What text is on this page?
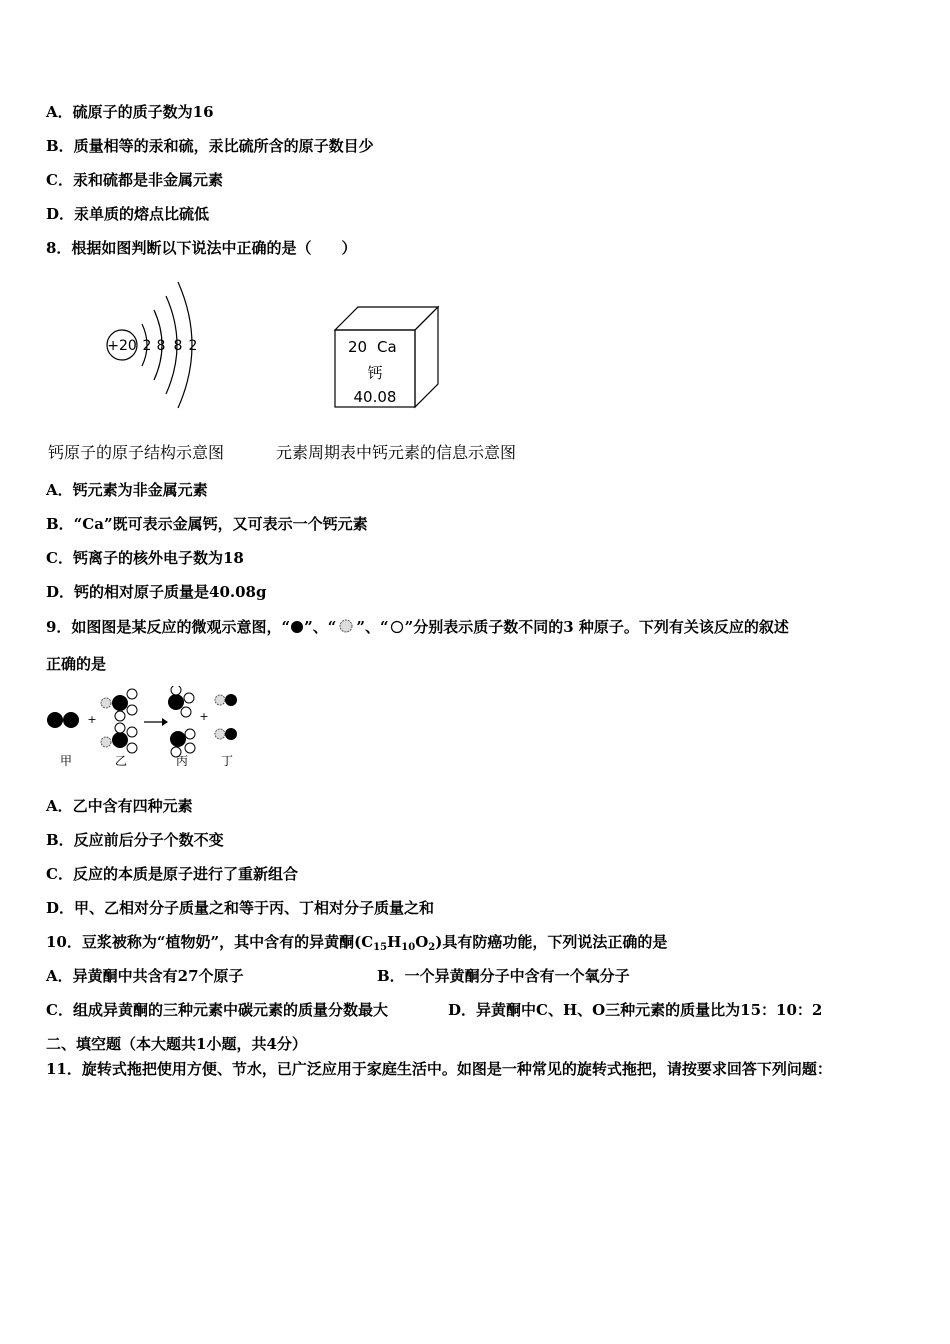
A．硫原子的质子数为16
B．质量相等的汞和硫，汞比硫所含的原子数目少
C．汞和硫都是非金属元素
D．汞单质的熔点比硫低
8．根据如图判断以下说法中正确的是（　　）
+20 2 8 8 2	20 Ca
钙
40.08
钙原子的原子结构示意图	元素周期表中钙元素的信息示意图
A．钙元素为非金属元素
B．“Ca”既可表示金属钙，又可表示一个钙元素
C．钙离子的核外电子数为18
D．钙的相对原子质量是40.08g
9．如图图是某反应的微观示意图，“ ”、“ ”、“ ”分别表示质子数不同的3 种原子。下列有关该反应的叙述
正确的是
+	+
甲	乙	丙	丁
A．乙中含有四种元素
B．反应前后分子个数不变
C．反应的本质是原子进行了重新组合
D．甲、乙相对分子质量之和等于丙、丁相对分子质量之和
10．豆浆被称为“植物奶”，其中含有的异黄酮$(C_{15}H_{10}O_2)$具有防癌功能，下列说法正确的是
A．异黄酮中共含有27个原子	B．一个异黄酮分子中含有一个氧分子
C．组成异黄酮的三种元素中碳元素的质量分数最大	D．异黄酮中C、H、O三种元素的质量比为15：10：2
二、填空题（本大题共1小题，共4分）
11．旋转式拖把使用方便、节水，已广泛应用于家庭生活中。如图是一种常见的旋转式拖把，请按要求回答下列问题：
